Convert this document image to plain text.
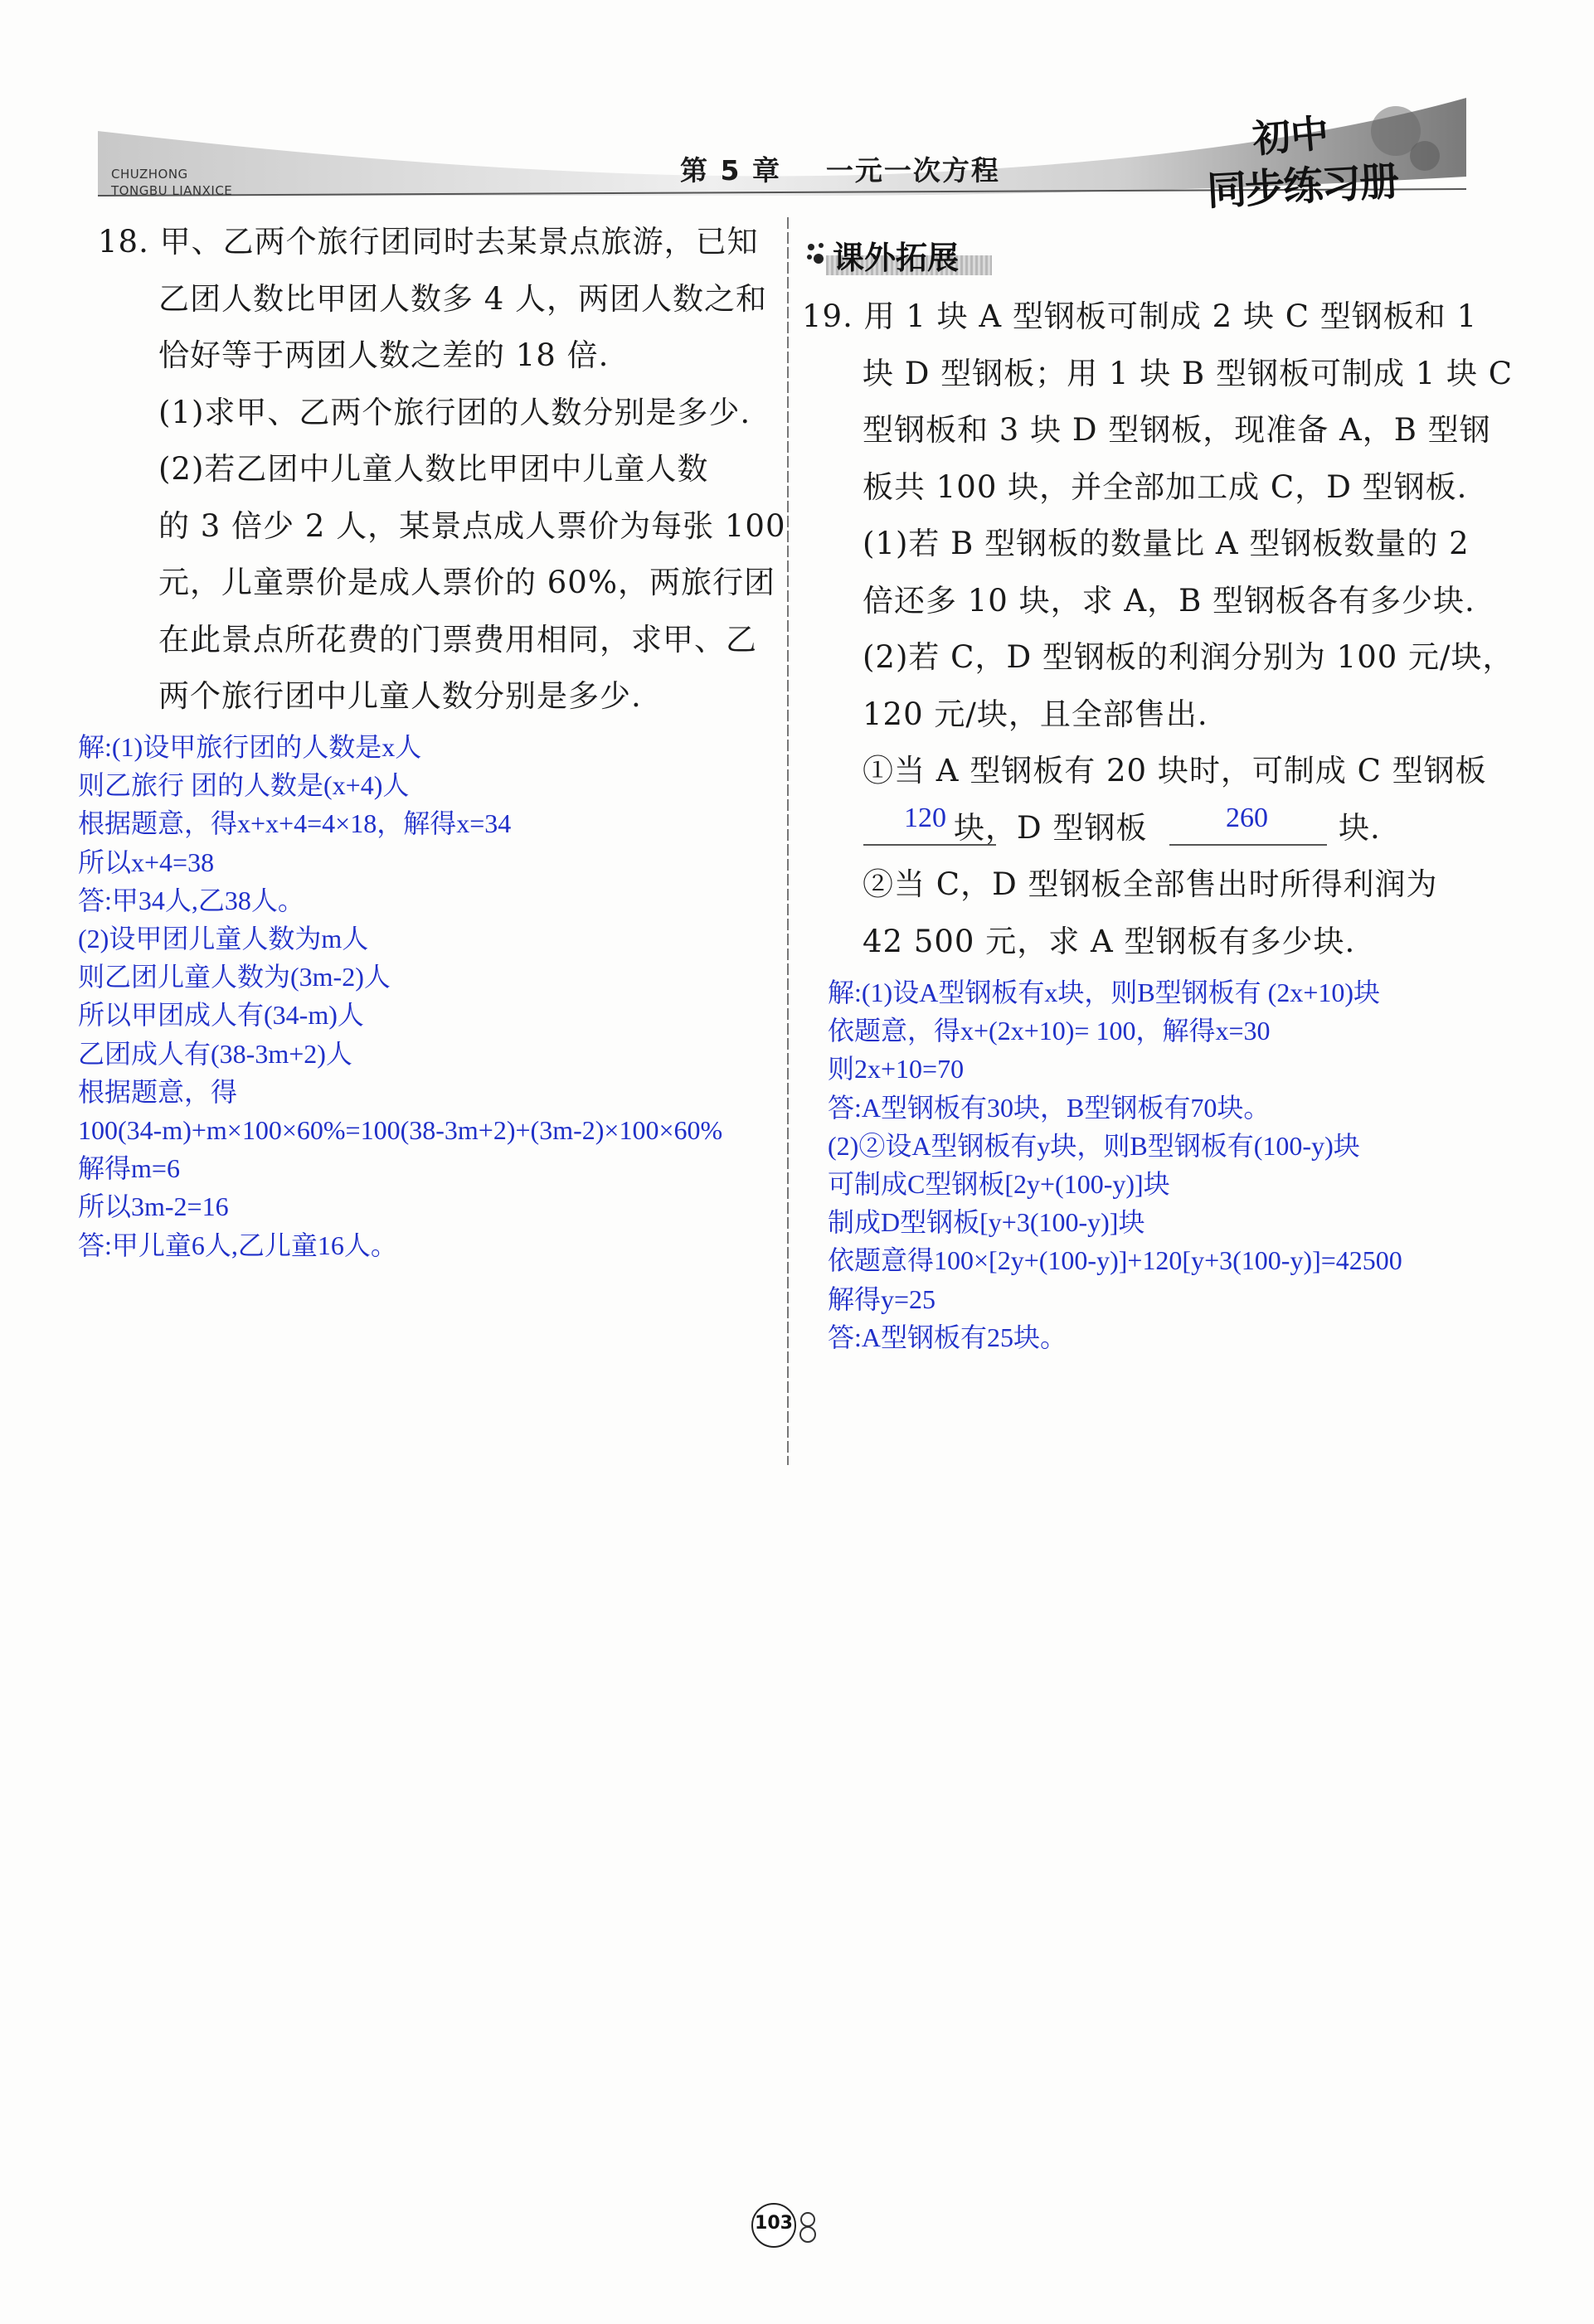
CHUZHONG
TONGBU LIANXICE
第 5 章    一元一次方程
初中
同步练习册

18. 甲、乙两个旅行团同时去某景点旅游，已知
乙团人数比甲团人数多 4 人，两团人数之和
恰好等于两团人数之差的 18 倍.
(1)求甲、乙两个旅行团的人数分别是多少.
(2)若乙团中儿童人数比甲团中儿童人数
的 3 倍少 2 人，某景点成人票价为每张 100
元，儿童票价是成人票价的 60%，两旅行团
在此景点所花费的门票费用相同，求甲、乙
两个旅行团中儿童人数分别是多少.

解:(1)设甲旅行团的人数是x人
则乙旅行 团的人数是(x+4)人
根据题意，得x+x+4=4×18，解得x=34
所以x+4=38
答:甲34人,乙38人。
(2)设甲团儿童人数为m人
则乙团儿童人数为(3m-2)人
所以甲团成人有(34-m)人
乙团成人有(38-3m+2)人
根据题意，得
100(34-m)+m×100×60%=100(38-3m+2)+(3m-2)×100×60%
解得m=6
所以3m-2=16
答:甲儿童6人,乙儿童16人。
课外拓展

19. 用 1 块 A 型钢板可制成 2 块 C 型钢板和 1
块 D 型钢板；用 1 块 B 型钢板可制成 1 块 C
型钢板和 3 块 D 型钢板，现准备 A，B 型钢
板共 100 块，并全部加工成 C，D 型钢板.
(1)若 B 型钢板的数量比 A 型钢板数量的 2
倍还多 10 块，求 A，B 型钢板各有多少块.
(2)若 C，D 型钢板的利润分别为 100 元/块，
120 元/块，且全部售出.
①当 A 型钢板有 20 块时，可制成 C 型钢板
块，D 型钢板	块.
②当 C，D 型钢板全部售出时所得利润为
42 500 元，求 A 型钢板有多少块.

120	260
解:(1)设A型钢板有x块，则B型钢板有 (2x+10)块
依题意，得x+(2x+10)= 100，解得x=30
则2x+10=70
答:A型钢板有30块，B型钢板有70块。
(2)②设A型钢板有y块，则B型钢板有(100-y)块
可制成C型钢板[2y+(100-y)]块
制成D型钢板[y+3(100-y)]块
依题意得100×[2y+(100-y)]+120[y+3(100-y)]=42500
解得y=25
答:A型钢板有25块。
103
